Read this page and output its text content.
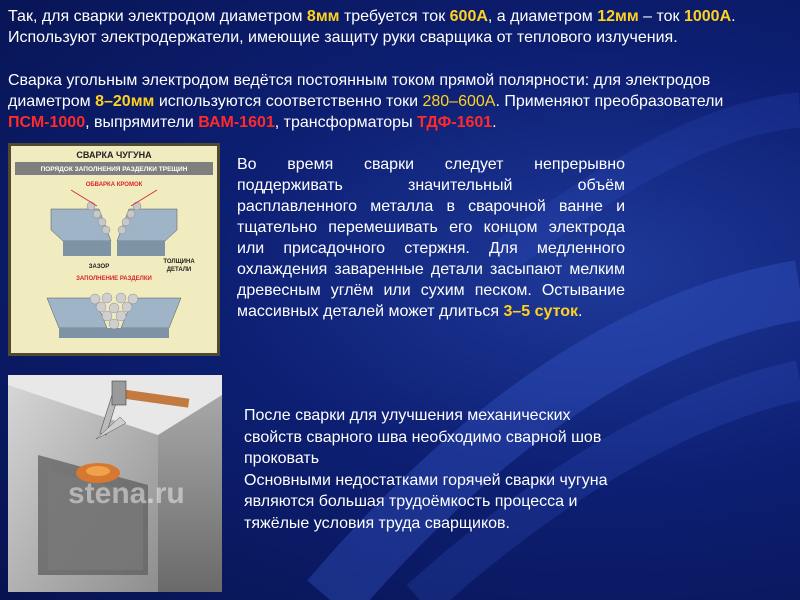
Так, для сварки электродом диаметром 8мм требуется ток 600А, а диаметром 12мм – ток 1000А. Используют электродержатели, имеющие защиту руки сварщика от теплового излучения.
Сварка угольным электродом ведётся постоянным током прямой полярности: для электродов диаметром 8–20мм используются соответственно токи 280–600А. Применяют преобразователи ПСМ-1000, выпрямители ВАМ-1601, трансформаторы ТДФ-1601.
СВАРКА ЧУГУНА
ПОРЯДОК ЗАПОЛНЕНИЯ РАЗДЕЛКИ ТРЕЩИН
ОБВАРКА КРОМОК
ЗАЗОР
ТОЛЩИНА
ДЕТАЛИ
ЗАПОЛНЕНИЕ РАЗДЕЛКИ
Во время сварки следует непрерывно поддерживать значительный объём расплавленного металла в сварочной ванне и тщательно перемешивать его концом электрода или присадочного стержня. Для медленного охлаждения заваренные детали засыпают мелким древесным углём или сухим песком. Остывание массивных деталей может длиться 3–5 суток.
stena.ru
После сварки для улучшения механических свойств сварного шва необходимо сварной шов проковать
Основными недостатками горячей сварки чугуна являются большая трудоёмкость процесса и тяжёлые условия труда сварщиков.
